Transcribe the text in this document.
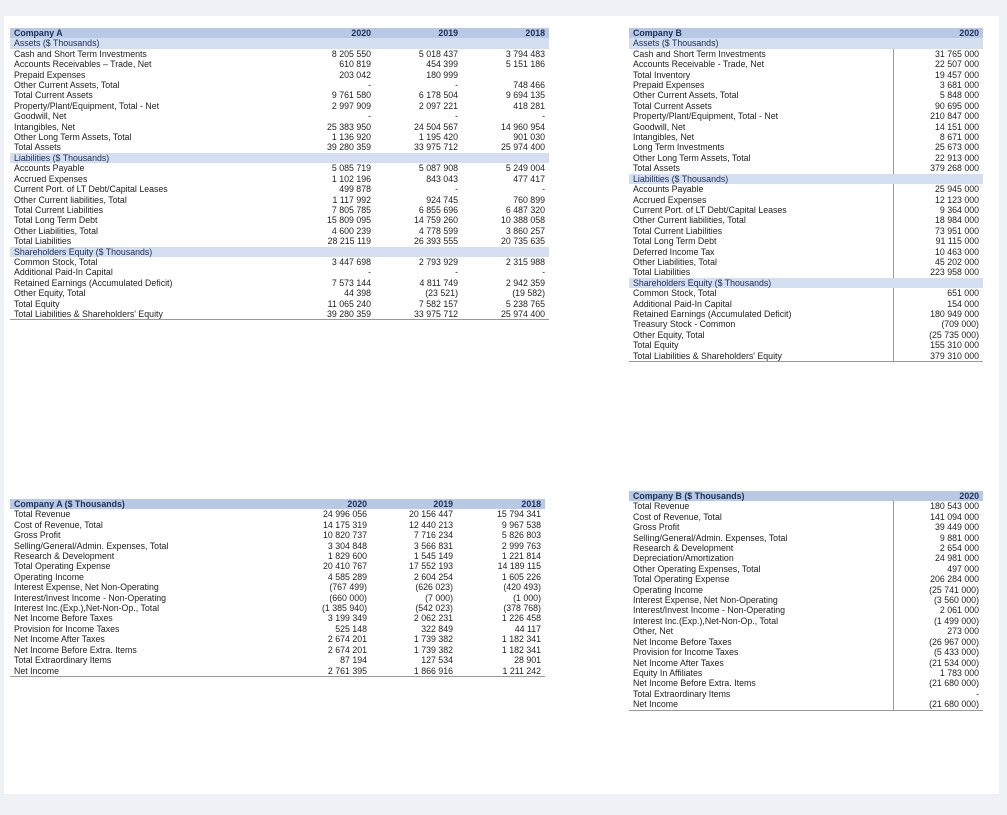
Company A	2020	2019	2018
Assets ($ Thousands)			
Cash and Short Term Investments	8 205 550	5 018 437	3 794 483
Accounts Receivables – Trade, Net	610 819	454 399	5 151 186
Prepaid Expenses	203 042	180 999	
Other Current Assets, Total	-	-	748 466
Total Current Assets	9 761 580	6 178 504	9 694 135
Property/Plant/Equipment, Total - Net	2 997 909	2 097 221	418 281
Goodwill, Net	-	-	-
Intangibles, Net	25 383 950	24 504 567	14 960 954
Other Long Term Assets, Total	1 136 920	1 195 420	901 030
Total Assets	39 280 359	33 975 712	25 974 400
Liabilities ($ Thousands)			
Accounts Payable	5 085 719	5 087 908	5 249 004
Accrued Expenses	1 102 196	843 043	477 417
Current Port. of LT Debt/Capital Leases	499 878	-	-
Other Current liabilities, Total	1 117 992	924 745	760 899
Total Current Liabilities	7 805 785	6 855 696	6 487 320
Total Long Term Debt	15 809 095	14 759 260	10 388 058
Other Liabilities, Total	4 600 239	4 778 599	3 860 257
Total Liabilities	28 215 119	26 393 555	20 735 635
Shareholders Equity ($ Thousands)			
Common Stock, Total	3 447 698	2 793 929	2 315 988
Additional Paid-In Capital	-	-	-
Retained Earnings (Accumulated Deficit)	7 573 144	4 811 749	2 942 359
Other Equity, Total	44 398	(23 521)	(19 582)
Total Equity	11 065 240	7 582 157	5 238 765
Total Liabilities & Shareholders' Equity	39 280 359	33 975 712	25 974 400
Company B		2020
Assets ($ Thousands)		
Cash and Short Term Investments		31 765 000
Accounts Receivable - Trade, Net		22 507 000
Total Inventory		19 457 000
Prepaid Expenses		3 681 000
Other Current Assets, Total		5 848 000
Total Current Assets		90 695 000
Property/Plant/Equipment, Total - Net		210 847 000
Goodwill, Net		14 151 000
Intangibles, Net		8 671 000
Long Term Investments		25 673 000
Other Long Term Assets, Total		22 913 000
Total Assets		379 268 000
Liabilities ($ Thousands)		
Accounts Payable		25 945 000
Accrued Expenses		12 123 000
Current Port. of LT Debt/Capital Leases		9 364 000
Other Current liabilities, Total		18 984 000
Total Current Liabilities		73 951 000
Total Long Term Debt		91 115 000
Deferred Income Tax		10 463 000
Other Liabilities, Total		45 202 000
Total Liabilities		223 958 000
Shareholders Equity ($ Thousands)		
Common Stock, Total		651 000
Additional Paid-In Capital		154 000
Retained Earnings (Accumulated Deficit)		180 949 000
Treasury Stock - Common		(709 000)
Other Equity, Total		(25 735 000)
Total Equity		155 310 000
Total Liabilities & Shareholders' Equity		379 310 000
Company A ($ Thousands)	2020	2019	2018
Total Revenue	24 996 056	20 156 447	15 794 341
Cost of Revenue, Total	14 175 319	12 440 213	9 967 538
Gross Profit	10 820 737	7 716 234	5 826 803
Selling/General/Admin. Expenses, Total	3 304 848	3 566 831	2 999 763
Research & Development	1 829 600	1 545 149	1 221 814
Total Operating Expense	20 410 767	17 552 193	14 189 115
Operating Income	4 585 289	2 604 254	1 605 226
Interest Expense, Net Non-Operating	(767 499)	(626 023)	(420 493)
Interest/Invest Income - Non-Operating	(660 000)	(7 000)	(1 000)
Interest Inc.(Exp.),Net-Non-Op., Total	(1 385 940)	(542 023)	(378 768)
Net Income Before Taxes	3 199 349	2 062 231	1 226 458
Provision for Income Taxes	525 148	322 849	44 117
Net Income After Taxes	2 674 201	1 739 382	1 182 341
Net Income Before Extra. Items	2 674 201	1 739 382	1 182 341
Total Extraordinary Items	87 194	127 534	28 901
Net Income	2 761 395	1 866 916	1 211 242
Company B ($ Thousands)		2020
Total Revenue		180 543 000
Cost of Revenue, Total		141 094 000
Gross Profit		39 449 000
Selling/General/Admin. Expenses, Total		9 881 000
Research & Development		2 654 000
Depreciation/Amortization		24 981 000
Other Operating Expenses, Total		497 000
Total Operating Expense		206 284 000
Operating Income		(25 741 000)
Interest Expense, Net Non-Operating		(3 560 000)
Interest/Invest Income - Non-Operating		2 061 000
Interest Inc.(Exp.),Net-Non-Op., Total		(1 499 000)
Other, Net		273 000
Net Income Before Taxes		(26 967 000)
Provision for Income Taxes		(5 433 000)
Net Income After Taxes		(21 534 000)
Equity In Affiliates		1 783 000
Net Income Before Extra. Items		(21 680 000)
Total Extraordinary Items		-
Net Income		(21 680 000)
